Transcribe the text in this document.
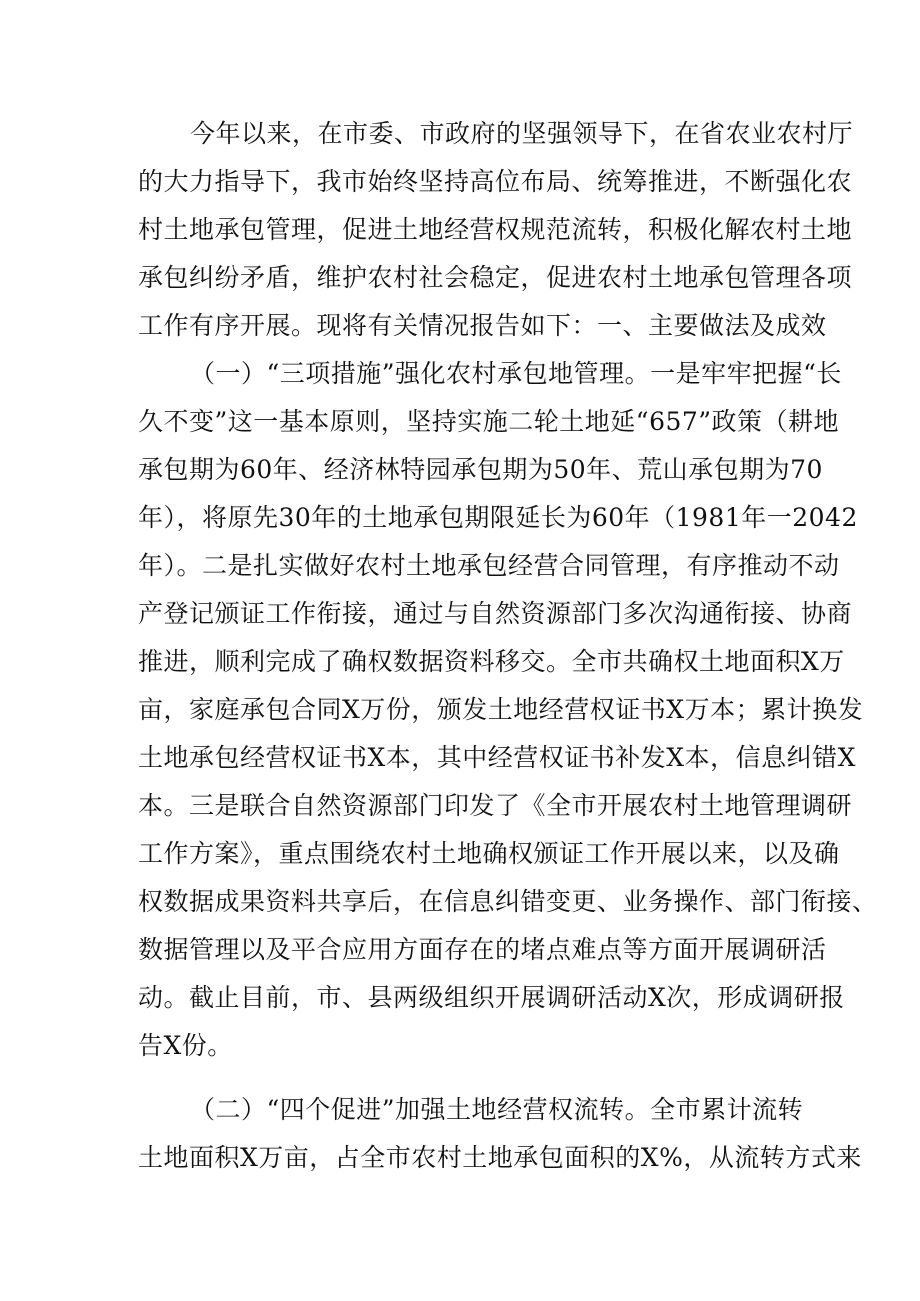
今年以来，在市委、市政府的坚强领导下，在省农业农村厅
的大力指导下，我市始终坚持高位布局、统筹推进，不断强化农
村土地承包管理，促进土地经营权规范流转，积极化解农村土地
承包纠纷矛盾，维护农村社会稳定，促进农村土地承包管理各项
工作有序开展。现将有关情况报告如下：一、主要做法及成效
（一）“三项措施”强化农村承包地管理。一是牢牢把握“长
久不变”这一基本原则，坚持实施二轮土地延“657”政策（耕地
承包期为60年、经济林特园承包期为50年、荒山承包期为70
年），将原先30年的土地承包期限延长为60年（1981年一2042
年）。二是扎实做好农村土地承包经营合同管理，有序推动不动
产登记颁证工作衔接，通过与自然资源部门多次沟通衔接、协商
推进，顺利完成了确权数据资料移交。全市共确权土地面积X万
亩，家庭承包合同X万份，颁发土地经营权证书X万本；累计换发
土地承包经营权证书X本，其中经营权证书补发X本，信息纠错X
本。三是联合自然资源部门印发了《全市开展农村土地管理调研
工作方案》，重点围绕农村土地确权颁证工作开展以来，以及确
权数据成果资料共享后，在信息纠错变更、业务操作、部门衔接、
数据管理以及平合应用方面存在的堵点难点等方面开展调研活
动。截止目前，市、县两级组织开展调研活动X次，形成调研报
告X份。
（二）“四个促进”加强土地经营权流转。全市累计流转
土地面积X万亩，占全市农村土地承包面积的X%，从流转方式来
